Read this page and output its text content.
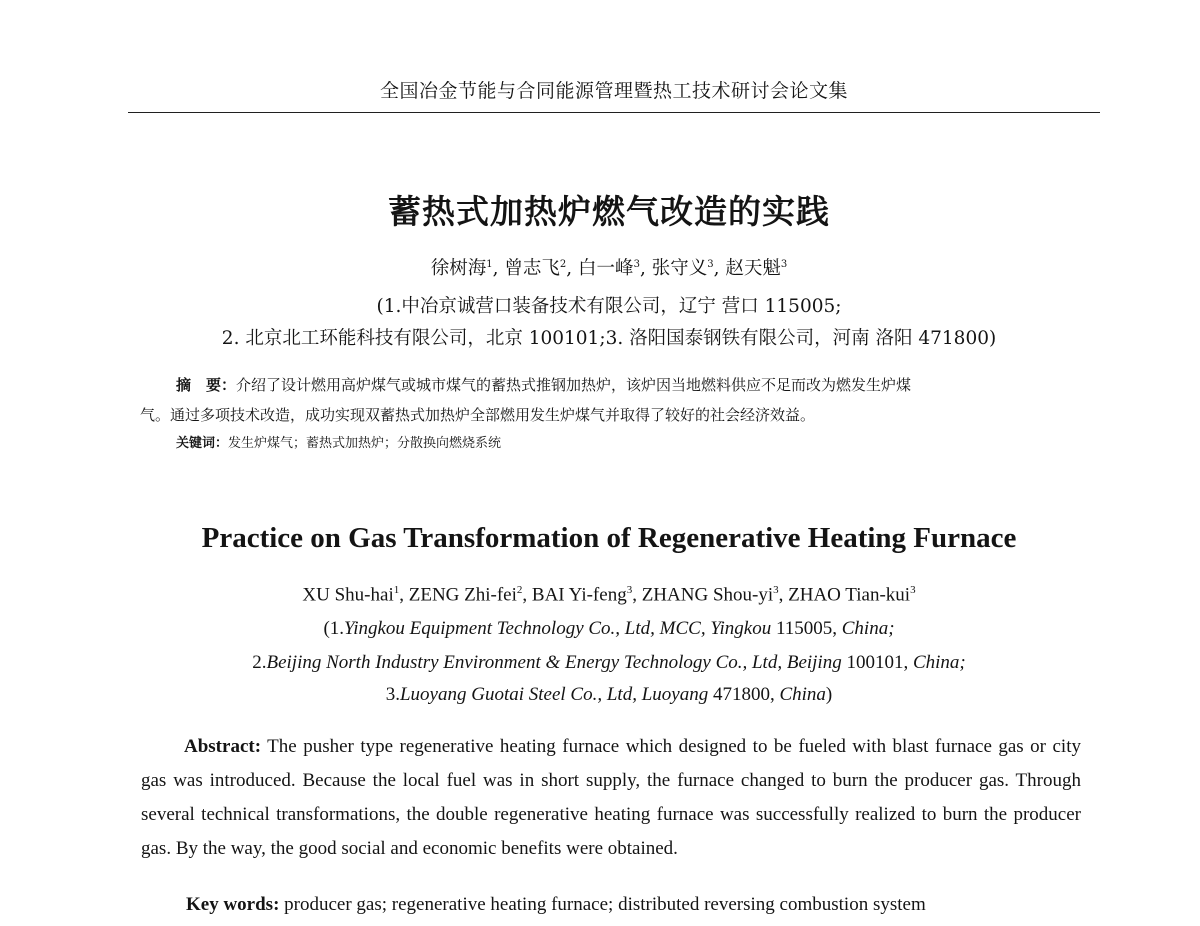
全国冶金节能与合同能源管理暨热工技术研讨会论文集
蓄热式加热炉燃气改造的实践
徐树海$^1$, 曾志飞$^2$, 白一峰$^3$, 张守义$^3$, 赵天魁$^3$
(1.中冶京诚营口装备技术有限公司，辽宁 营口 115005;
2. 北京北工环能科技有限公司，北京 100101;3. 洛阳国泰钢铁有限公司，河南 洛阳 471800)
摘　要：介绍了设计燃用高炉煤气或城市煤气的蓄热式推钢加热炉，该炉因当地燃料供应不足而改为燃发生炉煤
气。通过多项技术改造，成功实现双蓄热式加热炉全部燃用发生炉煤气并取得了较好的社会经济效益。
关键词：发生炉煤气；蓄热式加热炉；分散换向燃烧系统
Practice on Gas Transformation of Regenerative Heating Furnace
XU Shu-hai$^1$, ZENG Zhi-fei$^2$, BAI Yi-feng$^3$, ZHANG Shou-$yi^3$, ZHAO Tian-kui$^3$
(1.Yingkou Equipment Technology Co., Ltd, MCC, Yingkou 115005, China;
2.Beijing North Industry Environment & Energy Technology Co., Ltd, Beijing 100101, China;
3.Luoyang Guotai Steel Co., Ltd, Luoyang 471800, China)
Abstract: The pusher type regenerative heating furnace which designed to be fueled with blast furnace gas or city gas was introduced. Because the local fuel was in short supply, the furnace changed to burn the producer gas. Through several technical transformations, the double regenerative heating furnace was successfully realized to burn the producer gas. By the way, the good social and economic benefits were obtained.
Key words: producer gas; regenerative heating furnace; distributed reversing combustion system
